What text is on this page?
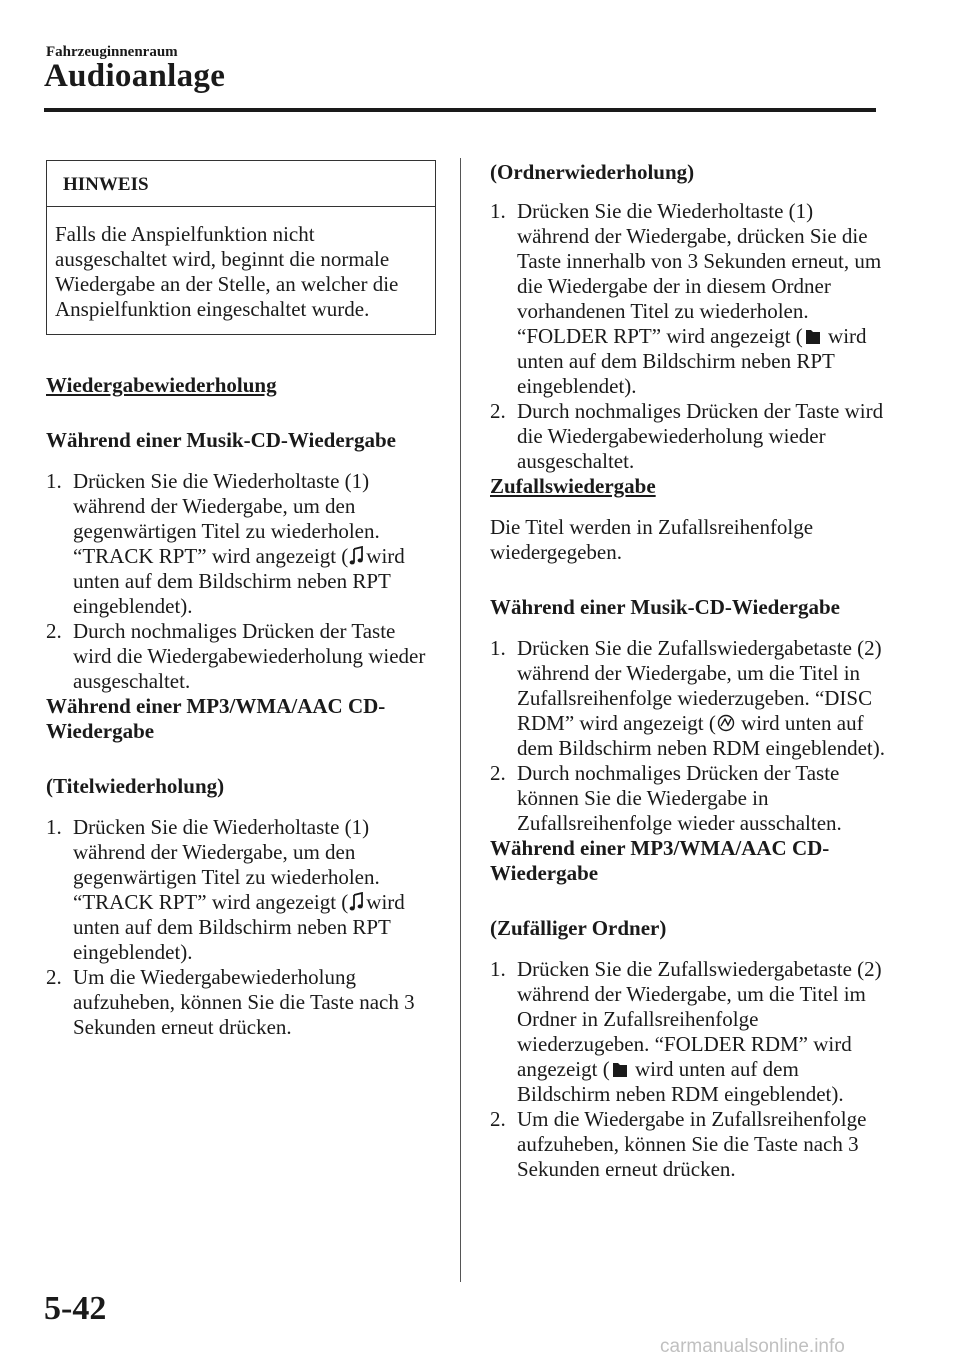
Fahrzeuginnenraum
Audioanlage
HINWEIS
Falls die Anspielfunktion nicht ausgeschaltet wird, beginnt die normale Wiedergabe an der Stelle, an welcher die Anspielfunktion eingeschaltet wurde.
Wiedergabewiederholung
Während einer Musik-CD-Wiedergabe
1. Drücken Sie die Wiederholtaste (1) während der Wiedergabe, um den gegenwärtigen Titel zu wiederholen. “TRACK RPT” wird angezeigt ( wird unten auf dem Bildschirm neben RPT eingeblendet).
2. Durch nochmaliges Drücken der Taste wird die Wiedergabewiederholung wieder ausgeschaltet.
Während einer MP3/WMA/AAC CD-Wiedergabe
(Titelwiederholung)
1. Drücken Sie die Wiederholtaste (1) während der Wiedergabe, um den gegenwärtigen Titel zu wiederholen. “TRACK RPT” wird angezeigt ( wird unten auf dem Bildschirm neben RPT eingeblendet).
2. Um die Wiedergabewiederholung aufzuheben, können Sie die Taste nach 3 Sekunden erneut drücken.
(Ordnerwiederholung)
1. Drücken Sie die Wiederholtaste (1) während der Wiedergabe, drücken Sie die Taste innerhalb von 3 Sekunden erneut, um die Wiedergabe der in diesem Ordner vorhandenen Titel zu wiederholen. “FOLDER RPT” wird angezeigt ( wird unten auf dem Bildschirm neben RPT eingeblendet).
2. Durch nochmaliges Drücken der Taste wird die Wiedergabewiederholung wieder ausgeschaltet.
Zufallswiedergabe
Die Titel werden in Zufallsreihenfolge wiedergegeben.
Während einer Musik-CD-Wiedergabe
1. Drücken Sie die Zufallswiedergabetaste (2) während der Wiedergabe, um die Titel in Zufallsreihenfolge wiederzugeben. “DISC RDM” wird angezeigt ( wird unten auf dem Bildschirm neben RDM eingeblendet).
2. Durch nochmaliges Drücken der Taste können Sie die Wiedergabe in Zufallsreihenfolge wieder ausschalten.
Während einer MP3/WMA/AAC CD-Wiedergabe
(Zufälliger Ordner)
1. Drücken Sie die Zufallswiedergabetaste (2) während der Wiedergabe, um die Titel im Ordner in Zufallsreihenfolge wiederzugeben. “FOLDER RDM” wird angezeigt ( wird unten auf dem Bildschirm neben RDM eingeblendet).
2. Um die Wiedergabe in Zufallsreihenfolge aufzuheben, können Sie die Taste nach 3 Sekunden erneut drücken.
5-42
carmanualsonline.info
